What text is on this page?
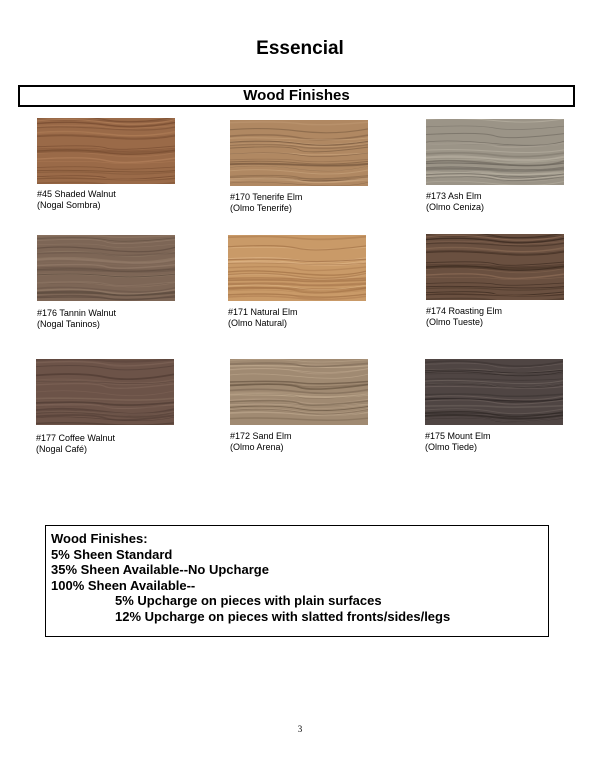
Essencial
Wood Finishes
#45 Shaded Walnut
(Nogal Sombra)
#170 Tenerife Elm
(Olmo Tenerife)
#173 Ash Elm
(Olmo Ceniza)
#176 Tannin Walnut
(Nogal Taninos)
#171 Natural Elm
(Olmo Natural)
#174 Roasting Elm
(Olmo Tueste)
#177 Coffee Walnut
(Nogal Café)
#172 Sand Elm
(Olmo Arena)
#175 Mount Elm
(Olmo Tiede)
Wood Finishes:
5% Sheen Standard
35% Sheen Available--No Upcharge
100% Sheen Available--
5% Upcharge on pieces with plain surfaces
12% Upcharge on pieces with slatted fronts/sides/legs
3
